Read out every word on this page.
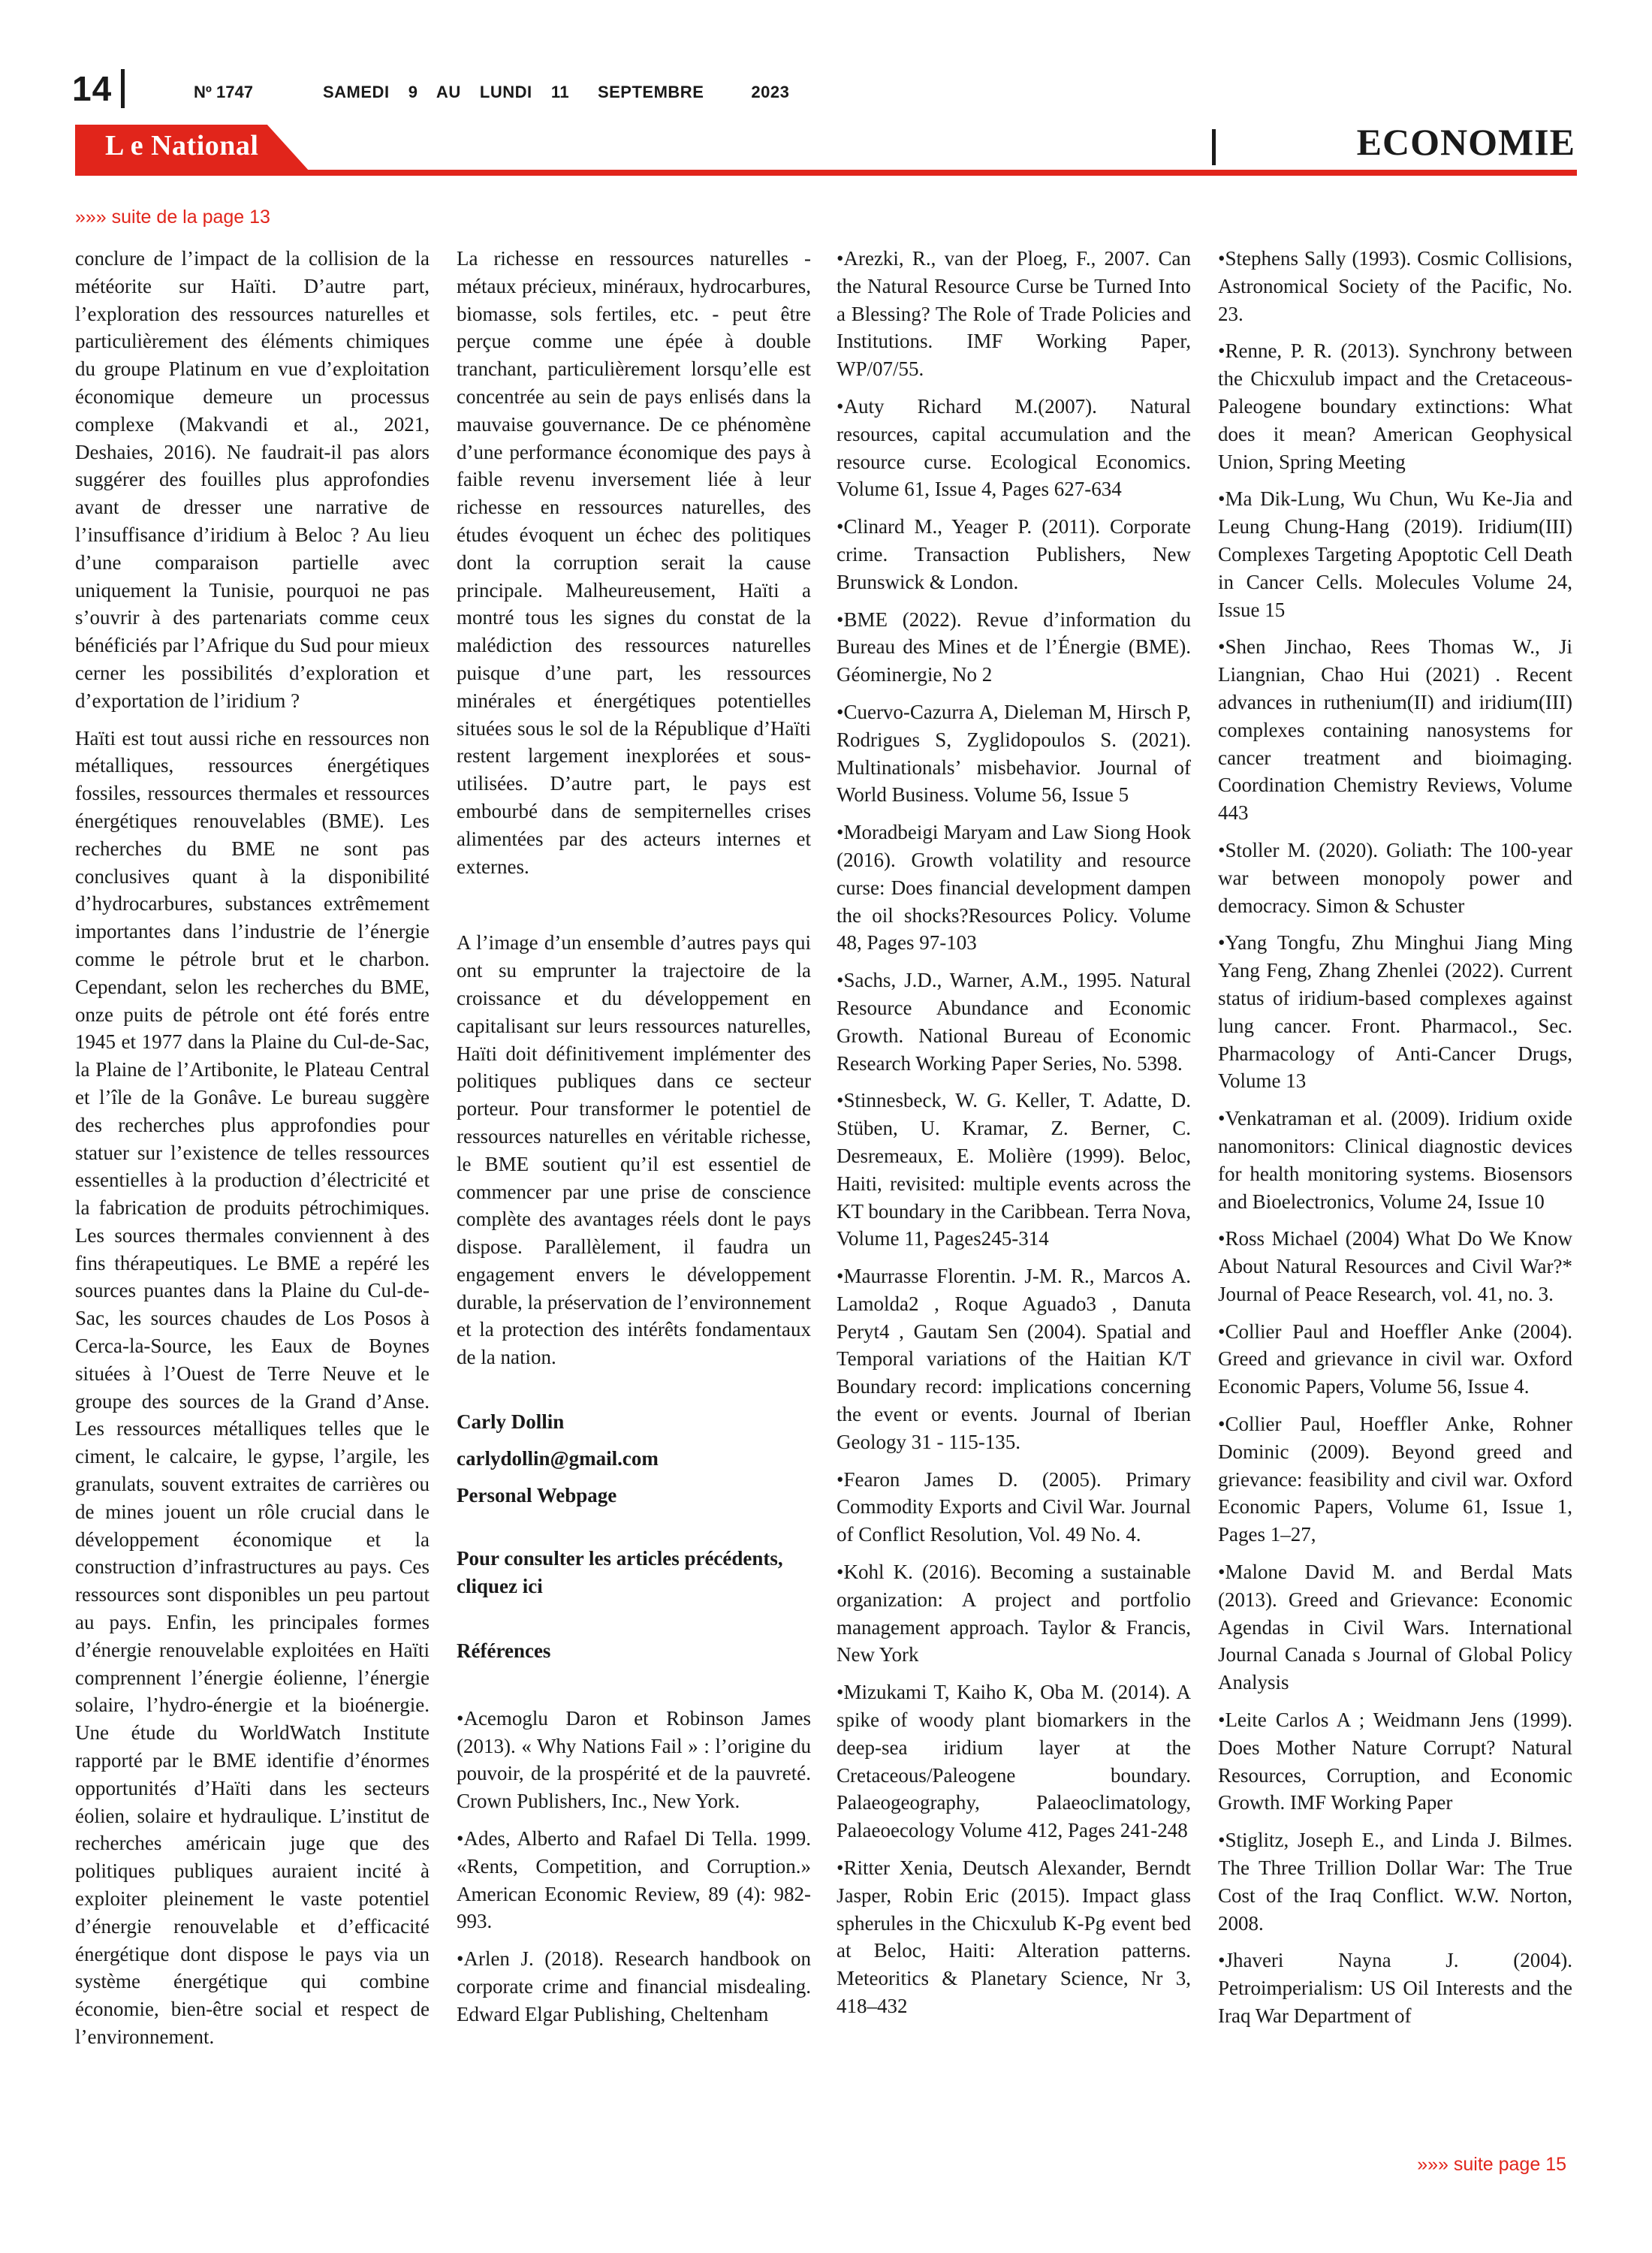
14	Nº 1747	SAMEDI  9  AU  LUNDI  11   SEPTEMBRE     2023
L e National	ECONOMIE
»»» suite de la page 13

conclure de l’impact de la collision de la météorite sur Haïti. D’autre part, l’exploration des ressources naturelles et particulièrement des éléments chimiques du groupe Platinum en vue d’exploitation économique demeure un processus complexe (Makvandi et al., 2021, Deshaies, 2016). Ne faudrait-il pas alors suggérer des fouilles plus approfondies avant de dresser une narrative de l’insuffisance d’iridium à Beloc ? Au lieu d’une comparaison partielle avec uniquement la Tunisie, pourquoi ne pas s’ouvrir à des partenariats comme ceux bénéficiés par l’Afrique du Sud pour mieux cerner les possibilités d’exploration et d’exportation de l’iridium ?

Haïti est tout aussi riche en ressources non métalliques, ressources énergétiques fossiles, ressources thermales et ressources énergétiques renouvelables (BME). Les recherches du BME ne sont pas conclusives quant à la disponibilité d’hydrocarbures, substances extrêmement importantes dans l’industrie de l’énergie comme le pétrole brut et le charbon. Cependant, selon les recherches du BME, onze puits de pétrole ont été forés entre 1945 et 1977 dans la Plaine du Cul-de-Sac, la Plaine de l’Artibonite, le Plateau Central et l’île de la Gonâve. Le bureau suggère des recherches plus approfondies pour statuer sur l’existence de telles ressources essentielles à la production d’électricité et la fabrication de produits pétrochimiques. Les sources thermales conviennent à des fins thérapeutiques. Le BME a repéré les sources puantes dans la Plaine du Cul-de-Sac, les sources chaudes de Los Posos à Cerca-la-Source, les Eaux de Boynes situées à l’Ouest de Terre Neuve et le groupe des sources de la Grand d’Anse. Les ressources métalliques telles que le ciment, le calcaire, le gypse, l’argile, les granulats, souvent extraites de carrières ou de mines jouent un rôle crucial dans le développement économique et la construction d’infrastructures au pays. Ces ressources sont disponibles un peu partout au pays. Enfin, les principales formes d’énergie renouvelable exploitées en Haïti comprennent l’énergie éolienne, l’énergie solaire, l’hydro-énergie et la bioénergie. Une étude du WorldWatch Institute rapporté par le BME identifie d’énormes opportunités d’Haïti dans les secteurs éolien, solaire et hydraulique. L’institut de recherches américain juge que des politiques publiques auraient incité à exploiter pleinement le vaste potentiel d’énergie renouvelable et d’efficacité énergétique dont dispose le pays via un système énergétique qui combine économie, bien-être social et respect de l’environnement.

La richesse en ressources naturelles - métaux précieux, minéraux, hydrocarbures, biomasse, sols fertiles, etc. - peut être perçue comme une épée à double tranchant, particulièrement lorsqu’elle est concentrée au sein de pays enlisés dans la mauvaise gouvernance. De ce phénomène d’une performance économique des pays à faible revenu inversement liée à leur richesse en ressources naturelles, des études évoquent un échec des politiques dont la corruption serait la cause principale. Malheureusement, Haïti a montré tous les signes du constat de la malédiction des ressources naturelles puisque d’une part, les ressources minérales et énergétiques potentielles situées sous le sol de la République d’Haïti restent largement inexplorées et sous-utilisées. D’autre part, le pays est embourbé dans de sempiternelles crises alimentées par des acteurs internes et externes.

A l’image d’un ensemble d’autres pays qui ont su emprunter la trajectoire de la croissance et du développement en capitalisant sur leurs ressources naturelles, Haïti doit définitivement implémenter des politiques publiques dans ce secteur porteur. Pour transformer le potentiel de ressources naturelles en véritable richesse, le BME soutient qu’il est essentiel de commencer par une prise de conscience complète des avantages réels dont le pays dispose. Parallèlement, il faudra un engagement envers le développement durable, la préservation de l’environnement et la protection des intérêts fondamentaux de la nation.

Carly Dollin

carlydollin@gmail.com

Personal Webpage

Pour consulter les articles précédents, cliquez ici

Références

•Acemoglu Daron et Robinson James (2013). « Why Nations Fail » : l’origine du pouvoir, de la prospérité et de la pauvreté. Crown Publishers, Inc., New York.

•Ades, Alberto and Rafael Di Tella. 1999. «Rents, Competition, and Corruption.» American Economic Review, 89 (4): 982-993.

•Arlen J. (2018). Research handbook on corporate crime and financial misdealing. Edward Elgar Publishing, Cheltenham

•Arezki, R., van der Ploeg, F., 2007. Can the Natural Resource Curse be Turned Into a Blessing? The Role of Trade Policies and Institutions. IMF Working Paper, WP/07/55.

•Auty Richard M.(2007). Natural resources, capital accumulation and the resource curse. Ecological Economics. Volume 61, Issue 4, Pages 627-634

•Clinard M., Yeager P. (2011). Corporate crime. Transaction Publishers, New Brunswick & London.

•BME (2022). Revue d’information du Bureau des Mines et de l’Énergie (BME). Géominergie, No 2

•Cuervo-Cazurra A, Dieleman M, Hirsch P, Rodrigues S, Zyglidopoulos S. (2021). Multinationals’ misbehavior. Journal of World Business. Volume 56, Issue 5

•Moradbeigi Maryam and Law Siong Hook (2016). Growth volatility and resource curse: Does financial development dampen the oil shocks?Resources Policy. Volume 48, Pages 97-103

•Sachs, J.D., Warner, A.M., 1995. Natural Resource Abundance and Economic Growth. National Bureau of Economic Research Working Paper Series, No. 5398.

•Stinnesbeck, W. G. Keller, T. Adatte, D. Stüben, U. Kramar, Z. Berner, C. Desremeaux, E. Molière (1999). Beloc, Haiti, revisited: multiple events across the KT boundary in the Caribbean. Terra Nova, Volume 11, Pages245-314

•Maurrasse Florentin. J-M. R., Marcos A. Lamolda2 , Roque Aguado3 , Danuta Peryt4 , Gautam Sen (2004). Spatial and Temporal variations of the Haitian K/T Boundary record: implications concerning the event or events. Journal of Iberian Geology 31 - 115-135.

•Fearon James D. (2005). Primary Commodity Exports and Civil War. Journal of Conflict Resolution, Vol. 49 No. 4.

•Kohl K. (2016). Becoming a sustainable organization: A project and portfolio management approach. Taylor & Francis, New York

•Mizukami T, Kaiho K, Oba M. (2014). A spike of woody plant biomarkers in the deep-sea iridium layer at the Cretaceous/Paleogene boundary. Palaeogeography, Palaeoclimatology, Palaeoecology Volume 412, Pages 241-248

•Ritter Xenia, Deutsch Alexander, Berndt Jasper, Robin Eric (2015). Impact glass spherules in the Chicxulub K-Pg event bed at Beloc, Haiti: Alteration patterns. Meteoritics & Planetary Science, Nr 3, 418–432

•Stephens Sally (1993). Cosmic Collisions, Astronomical Society of the Pacific, No. 23.

•Renne, P. R. (2013). Synchrony between the Chicxulub impact and the Cretaceous-Paleogene boundary extinctions: What does it mean? American Geophysical Union, Spring Meeting

•Ma Dik-Lung, Wu Chun, Wu Ke-Jia and Leung Chung-Hang (2019). Iridium(III) Complexes Targeting Apoptotic Cell Death in Cancer Cells. Molecules Volume 24, Issue 15

•Shen Jinchao, Rees Thomas W., Ji Liangnian, Chao Hui (2021) . Recent advances in ruthenium(II) and iridium(III) complexes containing nanosystems for cancer treatment and bioimaging. Coordination Chemistry Reviews, Volume 443

•Stoller M. (2020). Goliath: The 100-year war between monopoly power and democracy. Simon & Schuster

•Yang Tongfu, Zhu Minghui Jiang Ming Yang Feng, Zhang Zhenlei (2022). Current status of iridium-based complexes against lung cancer. Front. Pharmacol., Sec. Pharmacology of Anti-Cancer Drugs, Volume 13

•Venkatraman et al. (2009). Iridium oxide nanomonitors: Clinical diagnostic devices for health monitoring systems. Biosensors and Bioelectronics, Volume 24, Issue 10

•Ross Michael (2004) What Do We Know About Natural Resources and Civil War?* Journal of Peace Research, vol. 41, no. 3.

•Collier Paul and Hoeffler Anke (2004). Greed and grievance in civil war. Oxford Economic Papers, Volume 56, Issue 4.

•Collier Paul, Hoeffler Anke, Rohner Dominic (2009). Beyond greed and grievance: feasibility and civil war. Oxford Economic Papers, Volume 61, Issue 1, Pages 1–27,

•Malone David M. and Berdal Mats (2013). Greed and Grievance: Economic Agendas in Civil Wars. International Journal Canada s Journal of Global Policy Analysis

•Leite Carlos A ; Weidmann Jens (1999). Does Mother Nature Corrupt? Natural Resources, Corruption, and Economic Growth. IMF Working Paper

•Stiglitz, Joseph E., and Linda J. Bilmes. The Three Trillion Dollar War: The True Cost of the Iraq Conflict. W.W. Norton, 2008.

•Jhaveri Nayna J. (2004). Petroimperialism: US Oil Interests and the Iraq War Department of

»»» suite page 15
